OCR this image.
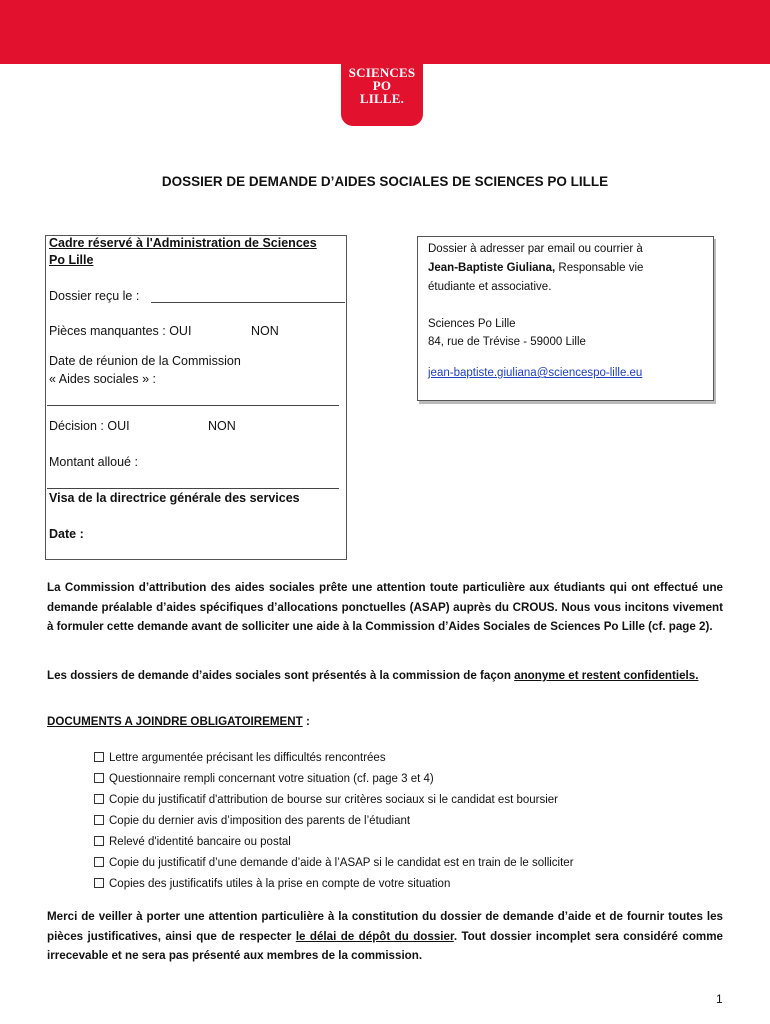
SCIENCES
PO
LILLE.
DOSSIER DE DEMANDE D’AIDES SOCIALES DE SCIENCES PO LILLE
Cadre réservé à l'Administration de Sciences
Po Lille
Dossier reçu le :
Pièces manquantes : OUI	NON
Date de réunion de la Commission
« Aides sociales » :
Décision : OUI	NON
Montant alloué :
Visa de la directrice générale des services
Date :
Dossier à adresser par email ou courrier à
Jean-Baptiste Giuliana, Responsable vie
étudiante et associative.
Sciences Po Lille
84, rue de Trévise - 59000 Lille
jean-baptiste.giuliana@sciencespo-lille.eu
La Commission d’attribution des aides sociales prête une attention toute particulière aux étudiants qui ont effectué une demande préalable d’aides spécifiques d’allocations ponctuelles (ASAP) auprès du CROUS. Nous vous incitons vivement à formuler cette demande avant de solliciter une aide à la Commission d’Aides Sociales de Sciences Po Lille (cf. page 2).
Les dossiers de demande d’aides sociales sont présentés à la commission de façon anonyme et restent confidentiels.
DOCUMENTS A JOINDRE OBLIGATOIREMENT :
Lettre argumentée précisant les difficultés rencontrées
Questionnaire rempli concernant votre situation (cf. page 3 et 4)
Copie du justificatif d'attribution de bourse sur critères sociaux si le candidat est boursier
Copie du dernier avis d’imposition des parents de l’étudiant
Relevé d'identité bancaire ou postal
Copie du justificatif d’une demande d’aide à l’ASAP si le candidat est en train de le solliciter
Copies des justificatifs utiles à la prise en compte de votre situation
Merci de veiller à porter une attention particulière à la constitution du dossier de demande d’aide et de fournir toutes les pièces justificatives, ainsi que de respecter le délai de dépôt du dossier. Tout dossier incomplet sera considéré comme irrecevable et ne sera pas présenté aux membres de la commission.
1
